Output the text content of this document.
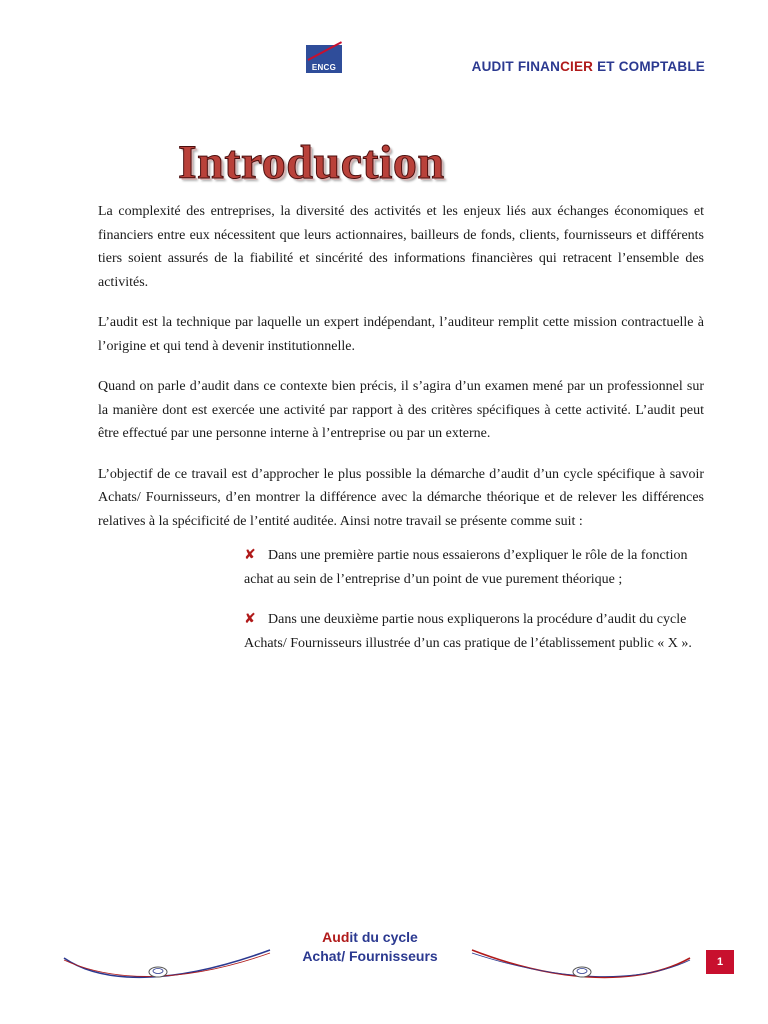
ENCG	AUDIT FINANCIER ET COMPTABLE
Introduction

La complexité des entreprises, la diversité des activités et les enjeux liés aux échanges économiques et financiers entre eux nécessitent que leurs actionnaires, bailleurs de fonds, clients, fournisseurs et différents tiers soient assurés de la fiabilité et sincérité des informations financières qui retracent l’ensemble des activités.

L’audit est la technique par laquelle un expert indépendant, l’auditeur remplit cette mission contractuelle à l’origine et qui tend à devenir institutionnelle.

Quand on parle d’audit dans ce contexte bien précis, il s’agira d’un examen mené par un professionnel sur la manière dont est exercée une activité par rapport à des critères spécifiques à cette activité. L’audit peut être effectué par une personne interne à l’entreprise ou par un externe.

L’objectif de ce travail est d’approcher le plus possible la démarche d’audit d’un cycle spécifique à savoir Achats/ Fournisseurs, d’en montrer la différence avec la démarche théorique et de relever les différences relatives à la spécificité de l’entité auditée. Ainsi notre travail se présente comme suit :

✘ Dans une première partie nous essaierons d’expliquer le rôle de la fonction achat au sein de l’entreprise d’un point de vue purement théorique ;
✘ Dans une deuxième partie nous expliquerons la procédure d’audit du cycle Achats/ Fournisseurs illustrée d’un cas pratique de l’établissement public « X ».
Audit du cycle
Achat/ Fournisseurs	1
